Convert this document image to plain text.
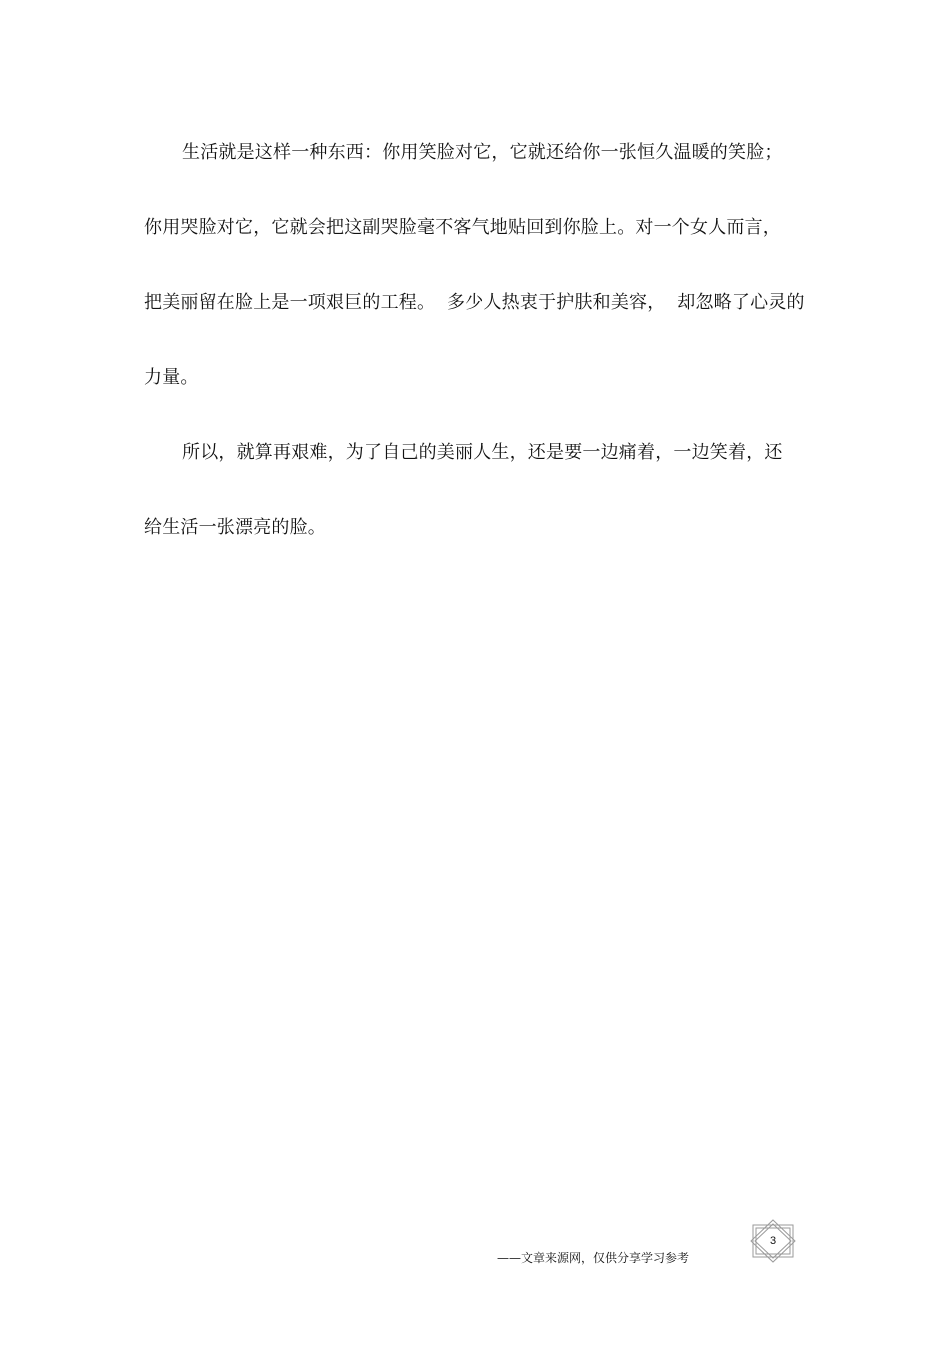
生活就是这样一种东西：你用笑脸对它，它就还给你一张恒久温暖的笑脸；
你用哭脸对它，它就会把这副哭脸毫不客气地贴回到你脸上。对一个女人而言，
把美丽留在脸上是一项艰巨的工程。  多少人热衷于护肤和美容，  却忽略了心灵的
力量。
所以，就算再艰难，为了自己的美丽人生，还是要一边痛着，一边笑着，还
给生活一张漂亮的脸。
——文章来源网，仅供分享学习参考
3
